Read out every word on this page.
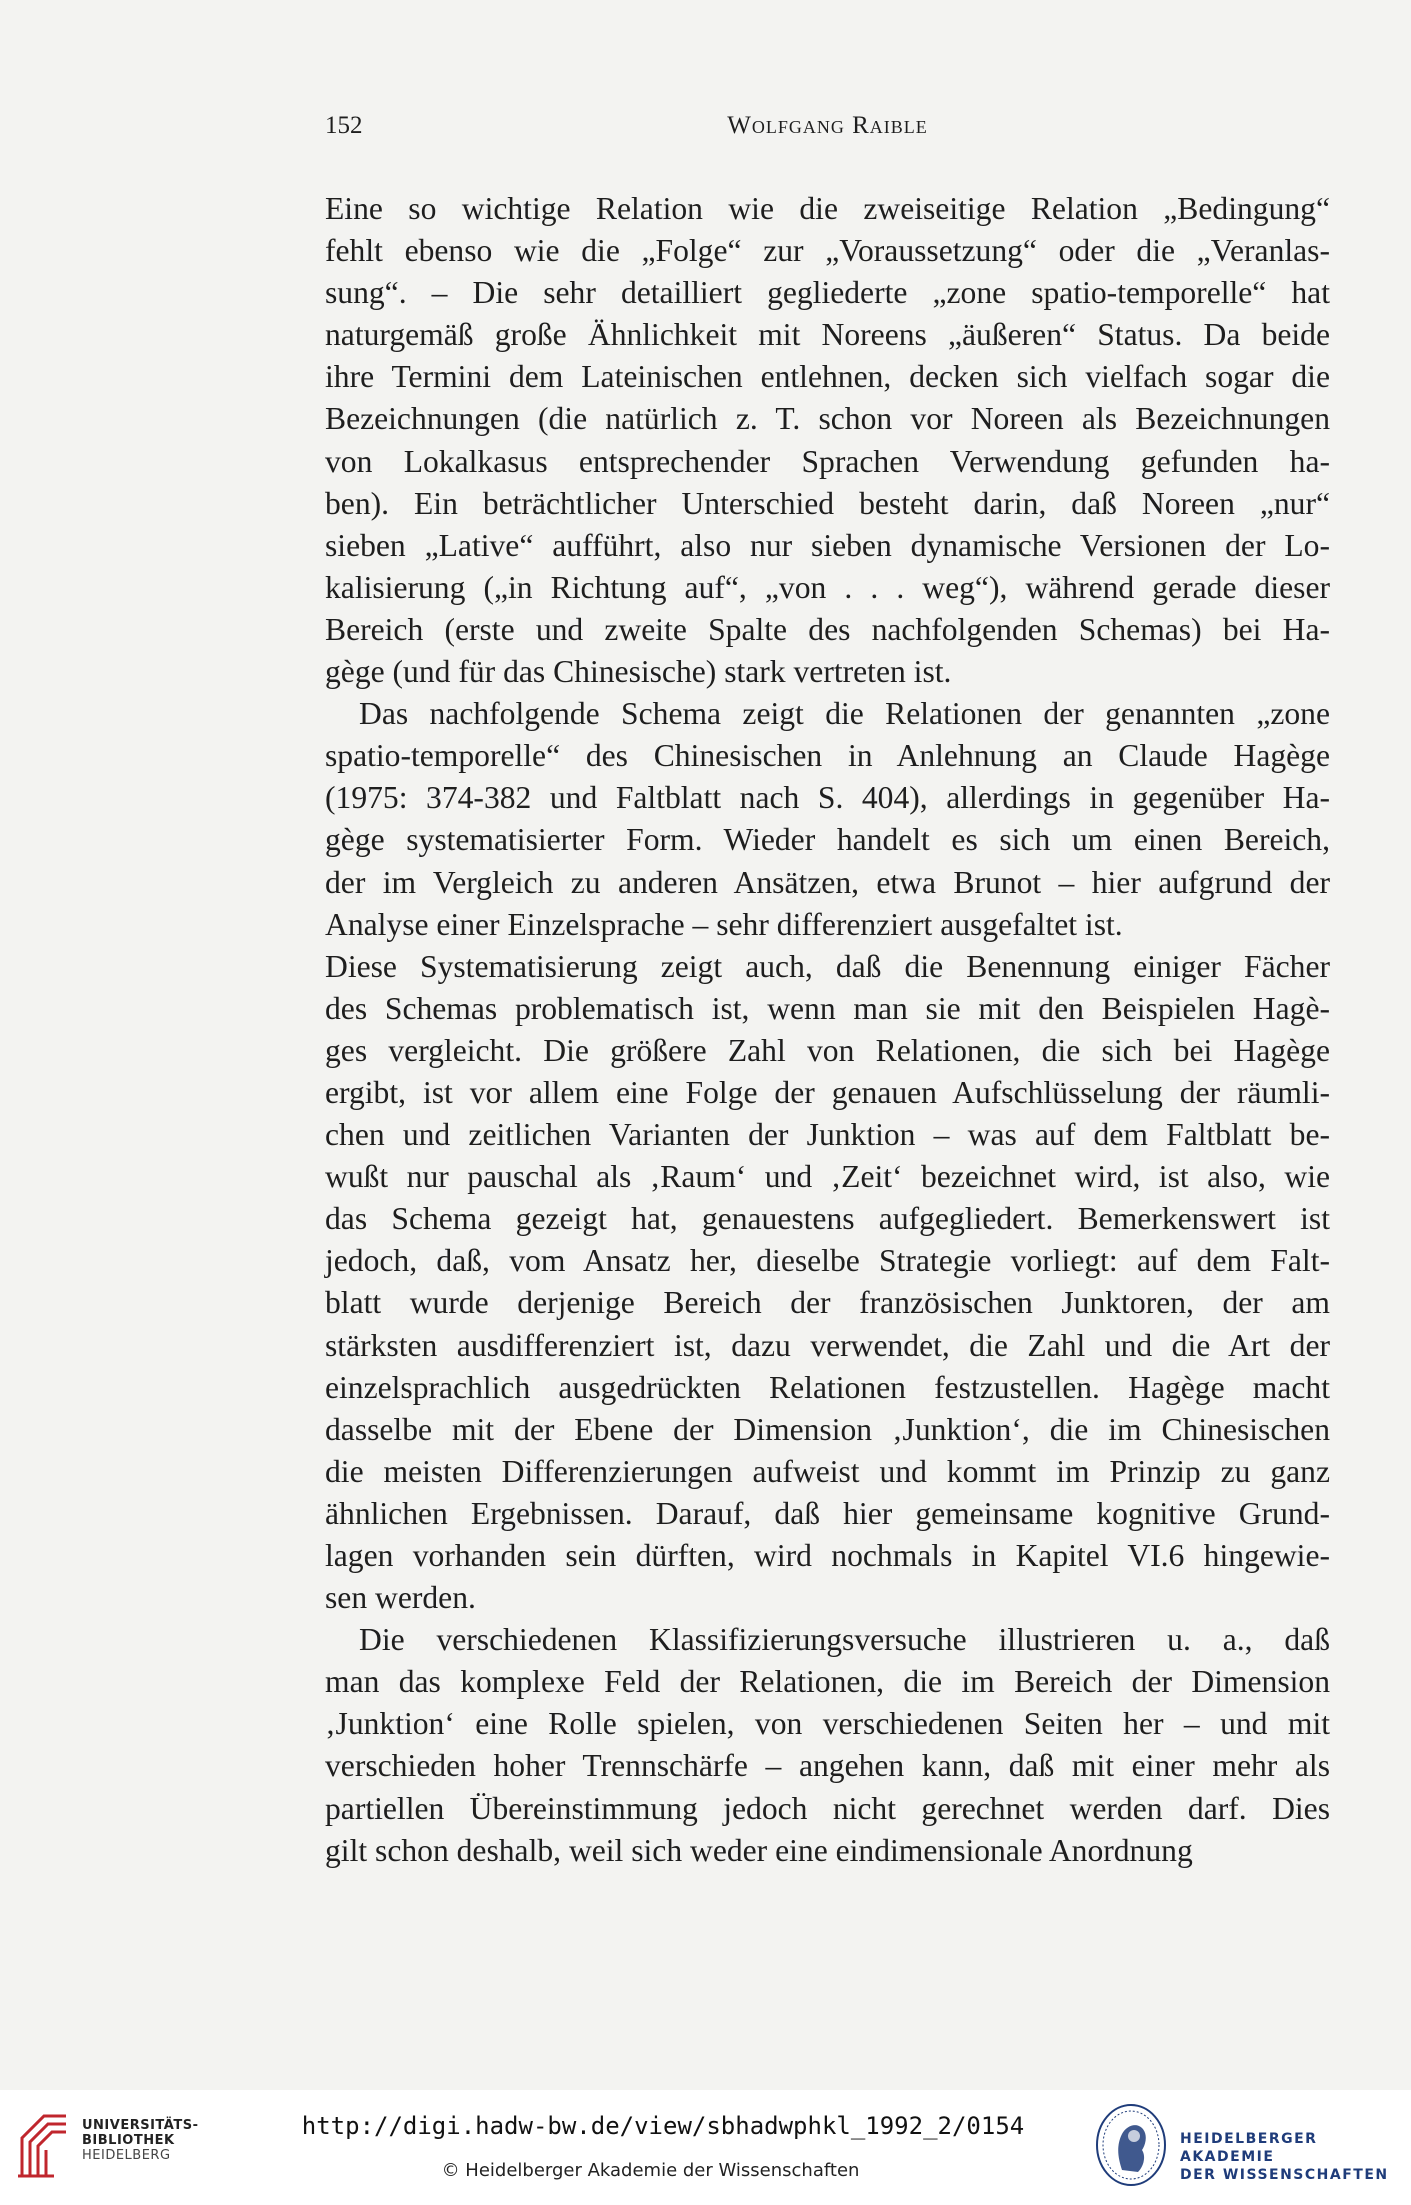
152	Wolfgang Raible
Eine so wichtige Relation wie die zweiseitige Relation „Bedingung“
fehlt ebenso wie die „Folge“ zur „Voraussetzung“ oder die „Veranlas-
sung“. – Die sehr detailliert gegliederte „zone spatio-temporelle“ hat
naturgemäß große Ähnlichkeit mit Noreens „äußeren“ Status. Da beide
ihre Termini dem Lateinischen entlehnen, decken sich vielfach sogar die
Bezeichnungen (die natürlich z. T. schon vor Noreen als Bezeichnungen
von Lokalkasus entsprechender Sprachen Verwendung gefunden ha-
ben). Ein beträchtlicher Unterschied besteht darin, daß Noreen „nur“
sieben „Lative“ aufführt, also nur sieben dynamische Versionen der Lo-
kalisierung („in Richtung auf“, „von . . . weg“), während gerade dieser
Bereich (erste und zweite Spalte des nachfolgenden Schemas) bei Ha-
gège (und für das Chinesische) stark vertreten ist.
Das nachfolgende Schema zeigt die Relationen der genannten „zone
spatio-temporelle“ des Chinesischen in Anlehnung an Claude Hagège
(1975: 374-382 und Faltblatt nach S. 404), allerdings in gegenüber Ha-
gège systematisierter Form. Wieder handelt es sich um einen Bereich,
der im Vergleich zu anderen Ansätzen, etwa Brunot – hier aufgrund der
Analyse einer Einzelsprache – sehr differenziert ausgefaltet ist.
Diese Systematisierung zeigt auch, daß die Benennung einiger Fächer
des Schemas problematisch ist, wenn man sie mit den Beispielen Hagè-
ges vergleicht. Die größere Zahl von Relationen, die sich bei Hagège
ergibt, ist vor allem eine Folge der genauen Aufschlüsselung der räumli-
chen und zeitlichen Varianten der Junktion – was auf dem Faltblatt be-
wußt nur pauschal als ‚Raum‘ und ‚Zeit‘ bezeichnet wird, ist also, wie
das Schema gezeigt hat, genauestens aufgegliedert. Bemerkenswert ist
jedoch, daß, vom Ansatz her, dieselbe Strategie vorliegt: auf dem Falt-
blatt wurde derjenige Bereich der französischen Junktoren, der am
stärksten ausdifferenziert ist, dazu verwendet, die Zahl und die Art der
einzelsprachlich ausgedrückten Relationen festzustellen. Hagège macht
dasselbe mit der Ebene der Dimension ‚Junktion‘, die im Chinesischen
die meisten Differenzierungen aufweist und kommt im Prinzip zu ganz
ähnlichen Ergebnissen. Darauf, daß hier gemeinsame kognitive Grund-
lagen vorhanden sein dürften, wird nochmals in Kapitel VI.6 hingewie-
sen werden.
Die verschiedenen Klassifizierungsversuche illustrieren u. a., daß
man das komplexe Feld der Relationen, die im Bereich der Dimension
‚Junktion‘ eine Rolle spielen, von verschiedenen Seiten her – und mit
verschieden hoher Trennschärfe – angehen kann, daß mit einer mehr als
partiellen Übereinstimmung jedoch nicht gerechnet werden darf. Dies
gilt schon deshalb, weil sich weder eine eindimensionale Anordnung
UNIVERSITÄTS-
BIBLIOTHEK
HEIDELBERG
http://digi.hadw-bw.de/view/sbhadwphkl_1992_2/0154
© Heidelberger Akademie der Wissenschaften
HEIDELBERGER AKADEMIE
DER WISSENSCHAFTEN
